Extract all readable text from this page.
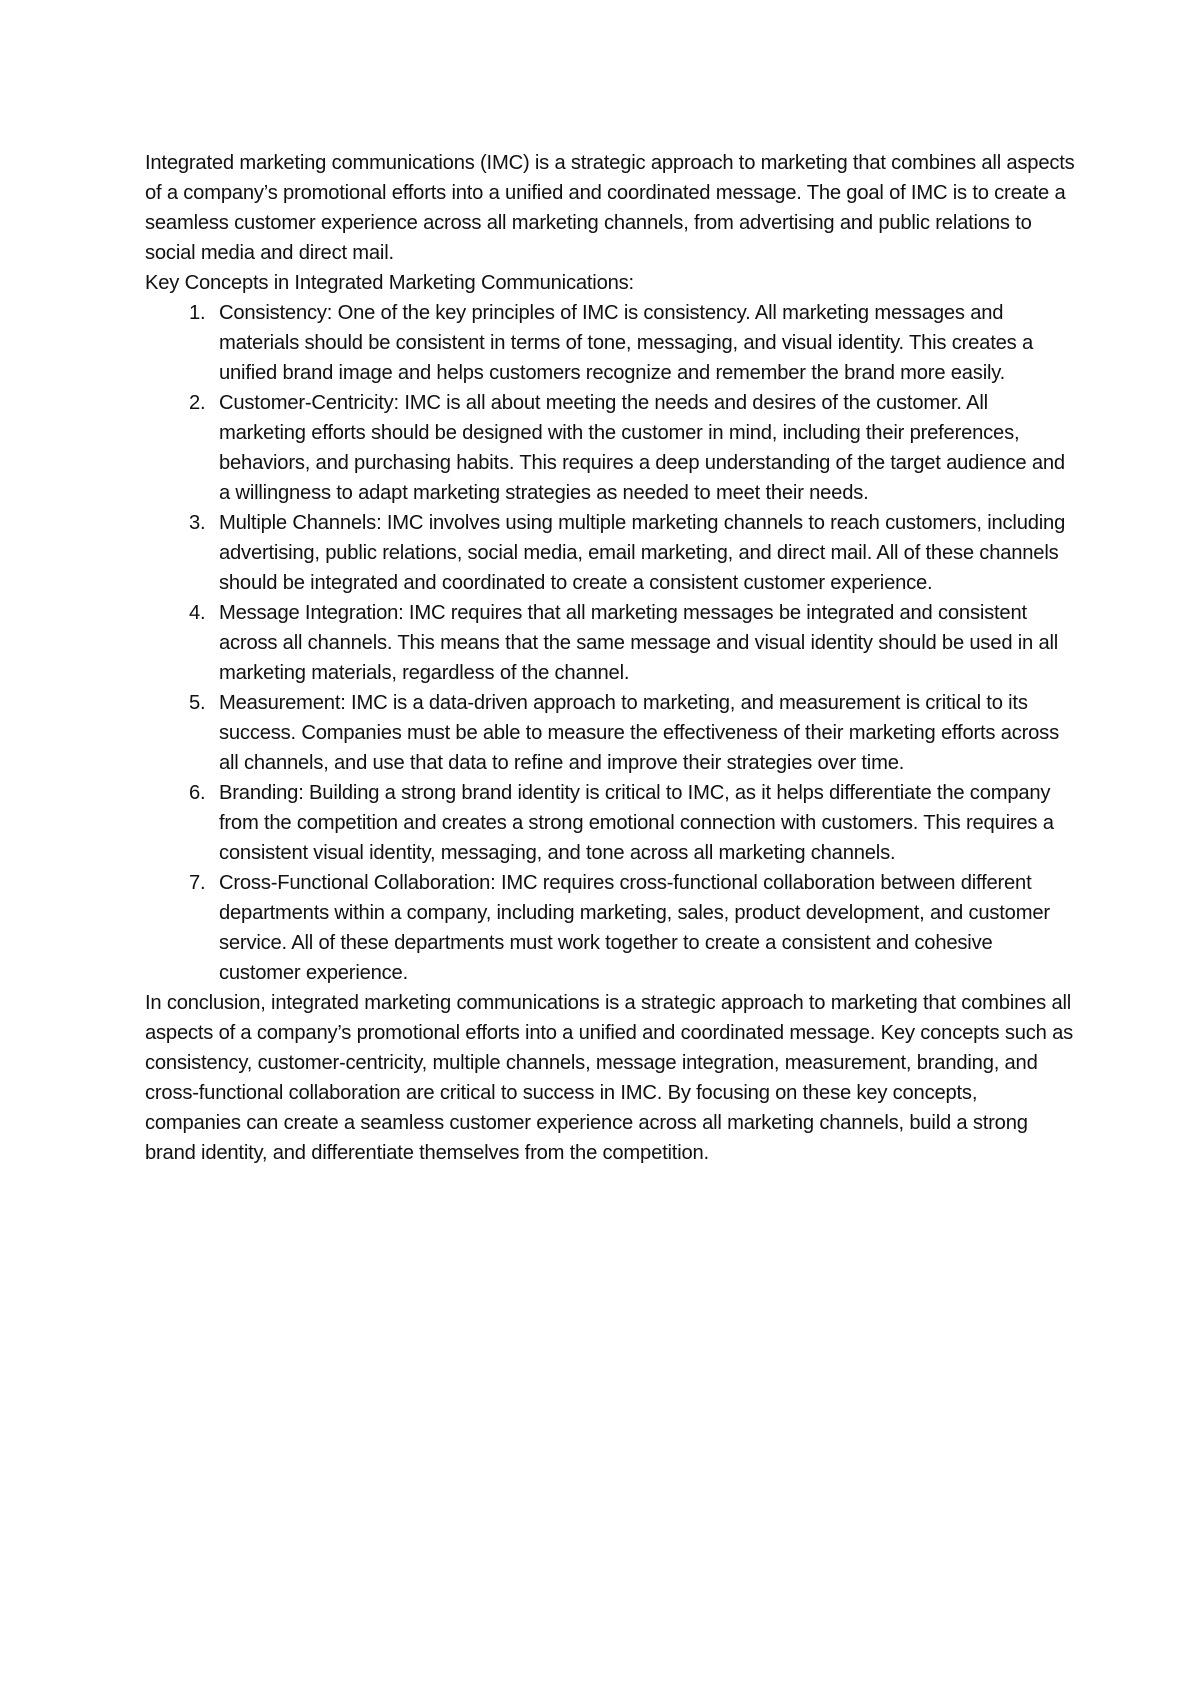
Integrated marketing communications (IMC) is a strategic approach to marketing that combines all aspects of a company’s promotional efforts into a unified and coordinated message. The goal of IMC is to create a seamless customer experience across all marketing channels, from advertising and public relations to social media and direct mail.

Key Concepts in Integrated Marketing Communications:

1. Consistency: One of the key principles of IMC is consistency. All marketing messages and materials should be consistent in terms of tone, messaging, and visual identity. This creates a unified brand image and helps customers recognize and remember the brand more easily.
2. Customer-Centricity: IMC is all about meeting the needs and desires of the customer. All marketing efforts should be designed with the customer in mind, including their preferences, behaviors, and purchasing habits. This requires a deep understanding of the target audience and a willingness to adapt marketing strategies as needed to meet their needs.
3. Multiple Channels: IMC involves using multiple marketing channels to reach customers, including advertising, public relations, social media, email marketing, and direct mail. All of these channels should be integrated and coordinated to create a consistent customer experience.
4. Message Integration: IMC requires that all marketing messages be integrated and consistent across all channels. This means that the same message and visual identity should be used in all marketing materials, regardless of the channel.
5. Measurement: IMC is a data-driven approach to marketing, and measurement is critical to its success. Companies must be able to measure the effectiveness of their marketing efforts across all channels, and use that data to refine and improve their strategies over time.
6. Branding: Building a strong brand identity is critical to IMC, as it helps differentiate the company from the competition and creates a strong emotional connection with customers. This requires a consistent visual identity, messaging, and tone across all marketing channels.
7. Cross-Functional Collaboration: IMC requires cross-functional collaboration between different departments within a company, including marketing, sales, product development, and customer service. All of these departments must work together to create a consistent and cohesive customer experience.

In conclusion, integrated marketing communications is a strategic approach to marketing that combines all aspects of a company’s promotional efforts into a unified and coordinated message. Key concepts such as consistency, customer-centricity, multiple channels, message integration, measurement, branding, and cross-functional collaboration are critical to success in IMC. By focusing on these key concepts, companies can create a seamless customer experience across all marketing channels, build a strong brand identity, and differentiate themselves from the competition.
